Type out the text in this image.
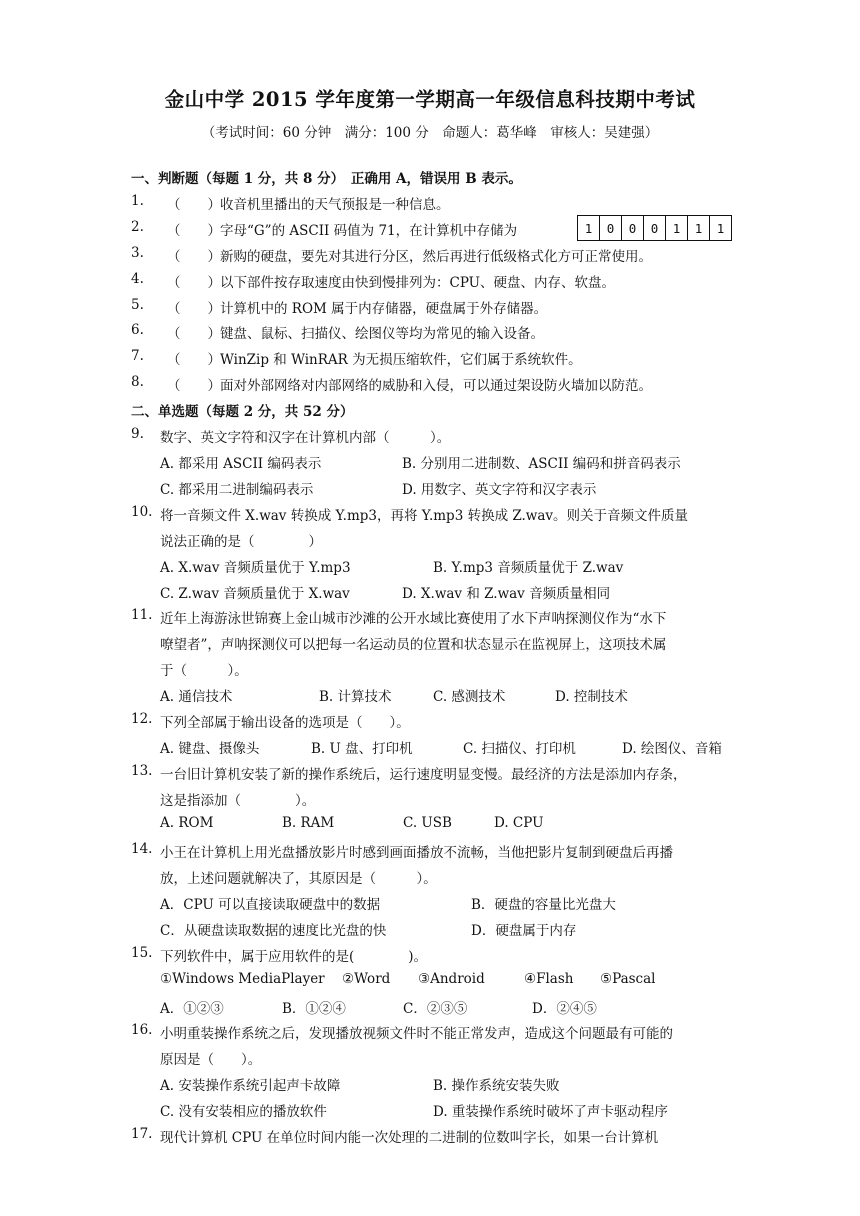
金山中学 2015 学年度第一学期高一年级信息科技期中考试
（考试时间：60 分钟　满分：100 分　命题人：葛华峰　审核人：吴建强）
一、判断题（每题 1 分，共 8 分）　正确用 A，错误用 B 表示。
1. （　　） 收音机里播出的天气预报是一种信息。
2. （　　） 字母“G”的 ASCII 码值为 71，在计算机中存储为	1	0	0	0	1	1	1
3. （　　） 新购的硬盘，要先对其进行分区，然后再进行低级格式化方可正常使用。
4. （　　） 以下部件按存取速度由快到慢排列为：CPU、硬盘、内存、软盘。
5. （　　） 计算机中的 ROM 属于内存储器，硬盘属于外存储器。
6. （　　） 键盘、鼠标、扫描仪、绘图仪等均为常见的输入设备。
7. （　　） WinZip 和 WinRAR 为无损压缩软件，它们属于系统软件。
8. （　　） 面对外部网络对内部网络的威胁和入侵，可以通过架设防火墙加以防范。
二、单选题（每题 2 分，共 52 分）
9. 数字、英文字符和汉字在计算机内部（　　　）。
A. 都采用 ASCII 编码表示	B. 分别用二进制数、ASCII 编码和拼音码表示
C. 都采用二进制编码表示	D. 用数字、英文字符和汉字表示
10. 将一音频文件 X.wav 转换成 Y.mp3，再将 Y.mp3 转换成 Z.wav。则关于音频文件质量
说法正确的是（　　　　）
A. X.wav 音频质量优于 Y.mp3	B. Y.mp3 音频质量优于 Z.wav
C. Z.wav 音频质量优于 X.wav	D. X.wav 和 Z.wav 音频质量相同
11. 近年上海游泳世锦赛上金山城市沙滩的公开水域比赛使用了水下声呐探测仪作为“水下
嘹望者”，声呐探测仪可以把每一名运动员的位置和状态显示在监视屏上，这项技术属
于（　　　）。
A. 通信技术	B. 计算技术	C. 感测技术	D. 控制技术
12. 下列全部属于输出设备的选项是（　　）。
A. 键盘、摄像头	B. U 盘、打印机	C. 扫描仪、打印机	D. 绘图仪、音箱
13. 一台旧计算机安装了新的操作系统后，运行速度明显变慢。最经济的方法是添加内存条，
这是指添加（　　　　）。
A. ROM	B. RAM	C. USB	D. CPU
14. 小王在计算机上用光盘播放影片时感到画面播放不流畅，当他把影片复制到硬盘后再播
放，上述问题就解决了，其原因是（　　　）。
A．CPU 可以直接读取硬盘中的数据	B．硬盘的容量比光盘大
C．从硬盘读取数据的速度比光盘的快	D．硬盘属于内存
15. 下列软件中，属于应用软件的是(　　　　)。
①Windows MediaPlayer ②Word ③Android	④Flash ⑤Pascal
A．①②③	B．①②④	C．②③⑤	D．②④⑤
16. 小明重装操作系统之后，发现播放视频文件时不能正常发声，造成这个问题最有可能的
原因是（　　）。
A. 安装操作系统引起声卡故障	B. 操作系统安装失败
C. 没有安装相应的播放软件	D. 重装操作系统时破坏了声卡驱动程序
17. 现代计算机 CPU 在单位时间内能一次处理的二进制的位数叫字长，如果一台计算机
